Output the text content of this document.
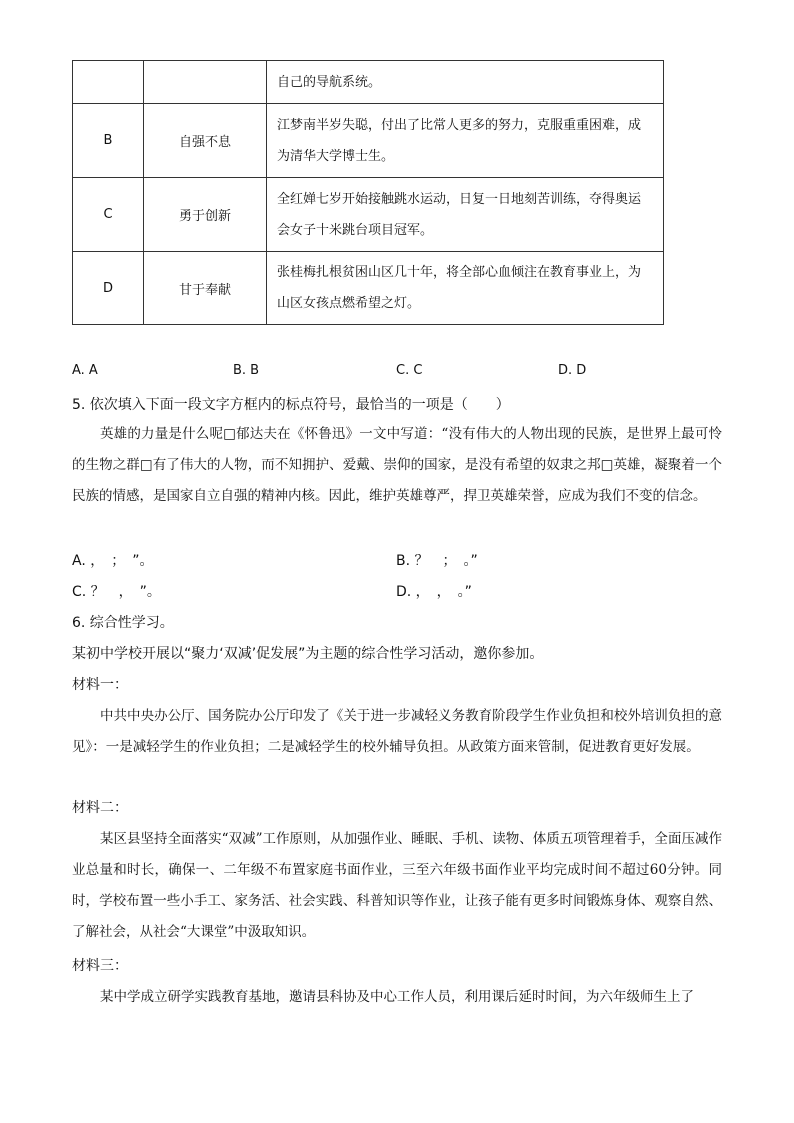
		自己的导航系统。
B	自强不息	江梦南半岁失聪，付出了比常人更多的努力，克服重重困难，成为清华大学博士生。
C	勇于创新	全红婵七岁开始接触跳水运动，日复一日地刻苦训练，夺得奥运会女子十米跳台项目冠军。
D	甘于奉献	张桂梅扎根贫困山区几十年，将全部心血倾注在教育事业上，为山区女孩点燃希望之灯。
A. A	B. B	C. C	D. D
5. 依次填入下面一段文字方框内的标点符号，最恰当的一项是（　　）
英雄的力量是什么呢□郁达夫在《怀鲁迅》一文中写道：“没有伟大的人物出现的民族，是世界上最可怜的生物之群□有了伟大的人物，而不知拥护、爱戴、崇仰的国家，是没有希望的奴隶之邦□英雄，凝聚着一个民族的情感，是国家自立自强的精神内核。因此，维护英雄尊严，捍卫英雄荣誉，应成为我们不变的信念。
A. ，　；　”。	B. ？　；　。”
C. ？　，　”。	D. ，　，　。”
6. 综合性学习。
某初中学校开展以“聚力‘双减’促发展”为主题的综合性学习活动，邀你参加。
材料一：
中共中央办公厅、国务院办公厅印发了《关于进一步减轻义务教育阶段学生作业负担和校外培训负担的意见》：一是减轻学生的作业负担；二是减轻学生的校外辅导负担。从政策方面来管制，促进教育更好发展。
材料二：
某区县坚持全面落实“双减”工作原则，从加强作业、睡眠、手机、读物、体质五项管理着手，全面压减作业总量和时长，确保一、二年级不布置家庭书面作业，三至六年级书面作业平均完成时间不超过60分钟。同时，学校布置一些小手工、家务活、社会实践、科普知识等作业，让孩子能有更多时间锻炼身体、观察自然、了解社会，从社会“大课堂”中汲取知识。
材料三：
某中学成立研学实践教育基地，邀请县科协及中心工作人员，利用课后延时时间，为六年级师生上了
